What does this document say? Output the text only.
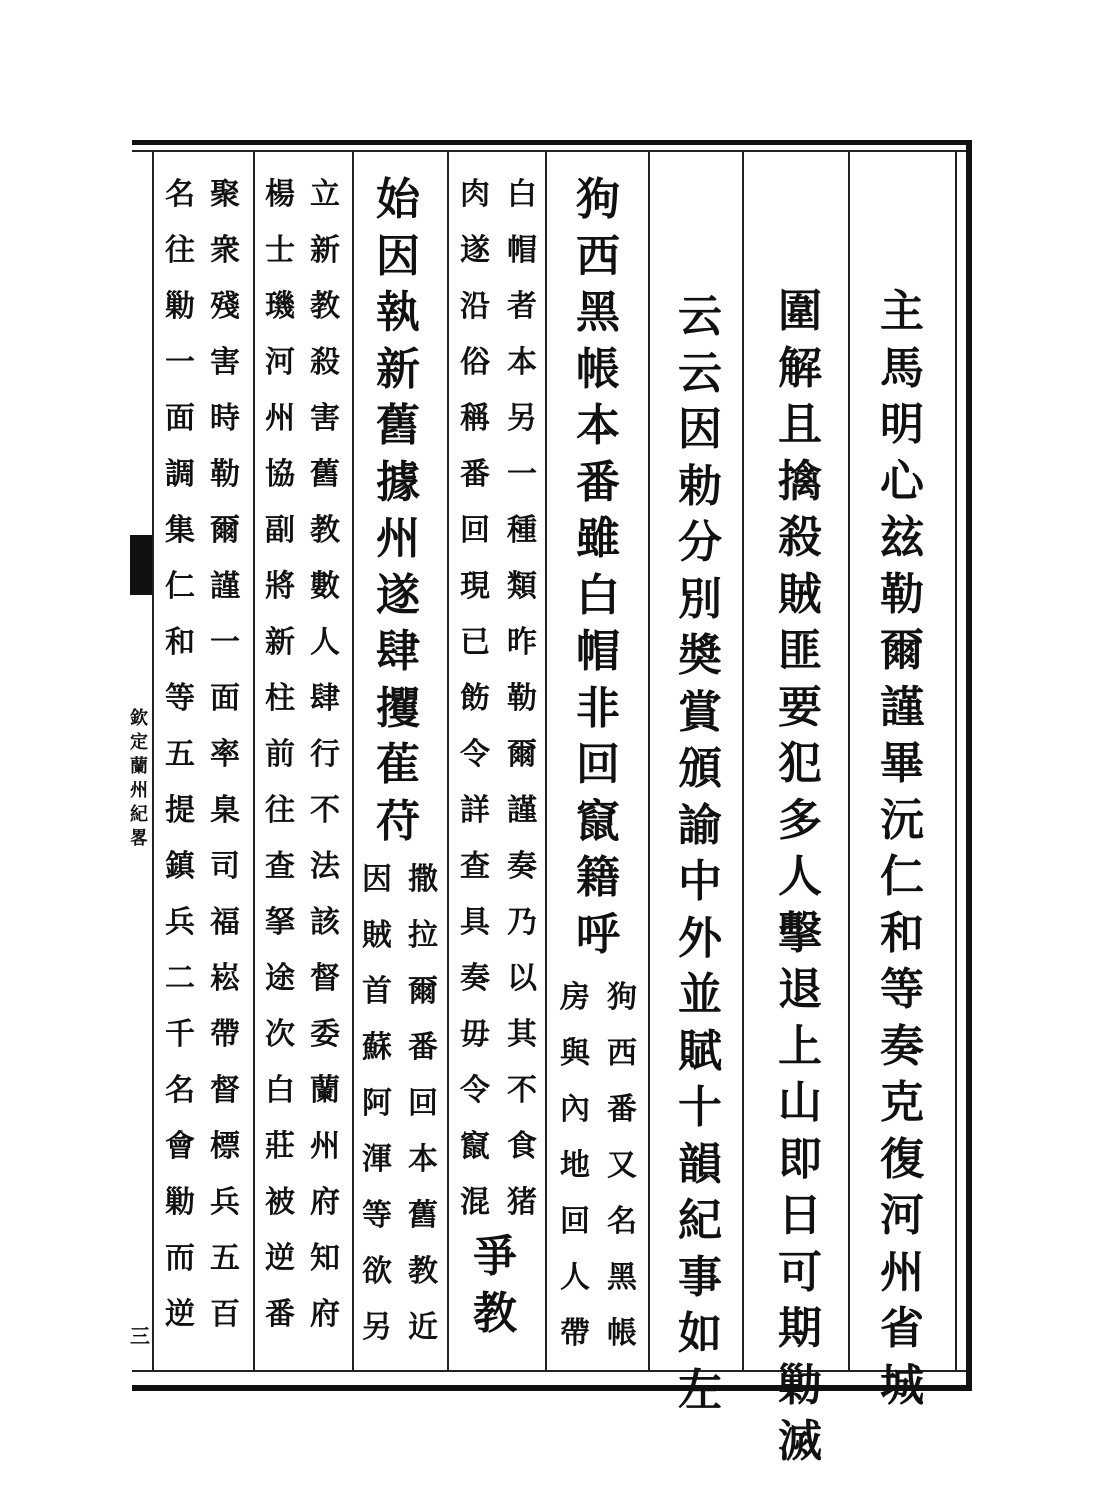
欽
定
蘭
州
紀
畧
三
主
馬
明
心
玆
勒
爾
謹
畢
沅
仁
和
等
奏
克
復
河
州
省
城
圍
解
且
擒
殺
賊
匪
要
犯
多
人
擊
退
上
山
即
日
可
期
勦
滅
云
云
因
勅
分
別
奬
賞
頒
諭
中
外
並
賦
十
韻
紀
事
如
左
狗
西
黑
帳
本
番
雖
白
帽
非
回
竄
籍
呼
狗
西
番
又
名
黑
帳
房
與
內
地
回
人
帶
白
帽
者
本
另
一
種
類
昨
勒
爾
謹
奏
乃
以
其
不
食
猪
肉
遂
沿
俗
稱
番
回
現
已
飭
令
詳
查
具
奏
毋
令
竄
混
爭
教
始
因
執
新
舊
據
州
遂
肆
攫
萑
苻
撒
拉
爾
番
回
本
舊
教
近
因
賊
首
蘇
阿
渾
等
欲
另
立
新
教
殺
害
舊
教
數
人
肆
行
不
法
該
督
委
蘭
州
府
知
府
楊
士
璣
河
州
協
副
將
新
柱
前
往
查
拏
途
次
白
莊
被
逆
番
聚
衆
殘
害
時
勒
爾
謹
一
面
率
臬
司
福
崧
帶
督
標
兵
五
百
名
往
勦
一
面
調
集
仁
和
等
五
提
鎮
兵
二
千
名
會
勦
而
逆
